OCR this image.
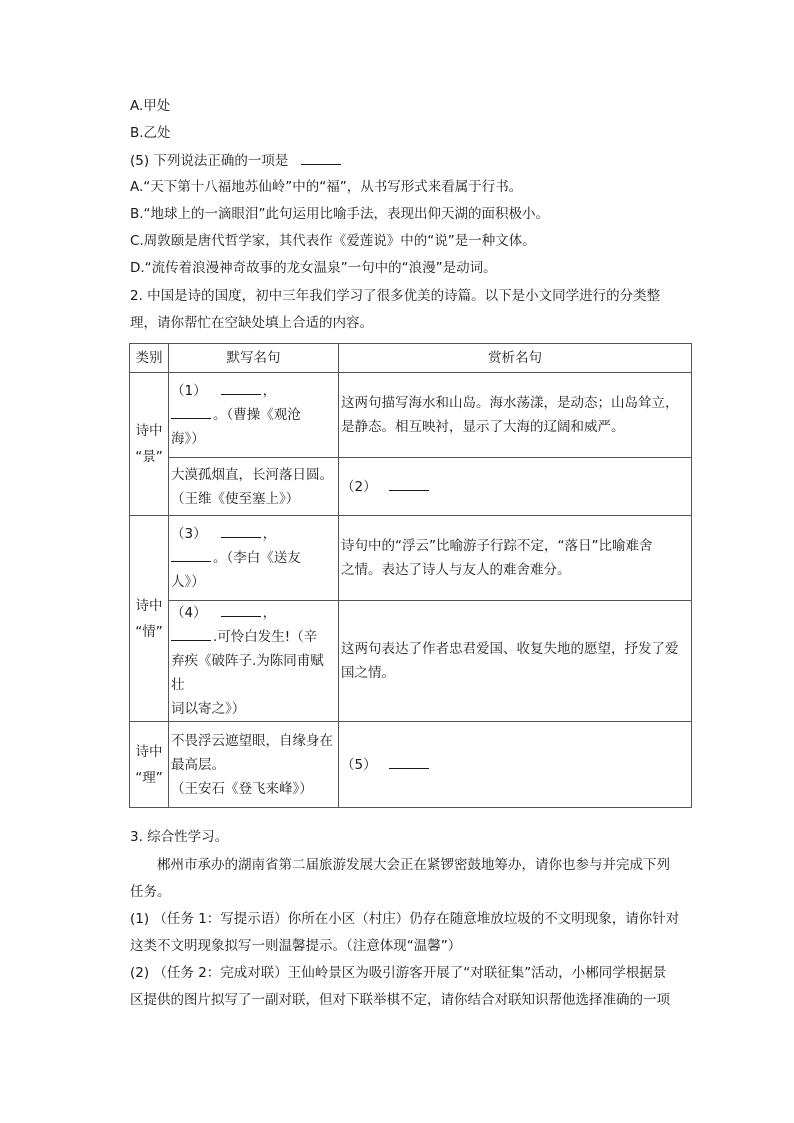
A.甲处
B.乙处
(5) 下列说法正确的一项是
A.“天下第十八福地苏仙岭”中的“福”，从书写形式来看属于行书。
B.“地球上的一滴眼泪”此句运用比喻手法，表现出仰天湖的面积极小。
C.周敦颐是唐代哲学家，其代表作《爱莲说》中的“说”是一种文体。
D.“流传着浪漫神奇故事的龙女温泉”一句中的“浪漫”是动词。
2. 中国是诗的国度，初中三年我们学习了很多优美的诗篇。以下是小文同学进行的分类整
理，请你帮忙在空缺处填上合适的内容。
类别	默写名句	赏析名句

诗中
“景”	（1） ，
。（曹操《观沧
海》）	这两句描写海水和山岛。海水荡漾，是动态；山岛耸立，
是静态。相互映衬，显示了大海的辽阔和威严。

	大漠孤烟直，长河落日圆。
（王维《使至塞上》）	（2）

诗中
“情”	（3） ，
。（李白《送友
人》）	诗句中的“浮云”比喻游子行踪不定，“落日”比喻难舍
之情。表达了诗人与友人的难舍难分。

	（4） ，
.可怜白发生!（辛
弃疾《破阵子.为陈同甫赋壮
词以寄之》）	这两句表达了作者忠君爱国、收复失地的愿望，抒发了爱
国之情。

诗中
“理”	不畏浮云遮望眼，自缘身在
最高层。
（王安石《登飞来峰》）	（5）
3. 综合性学习。
郴州市承办的湖南省第二届旅游发展大会正在紧锣密鼓地筹办，请你也参与并完成下列
任务。
(1) （任务 1：写提示语）你所在小区（村庄）仍存在随意堆放垃圾的不文明现象，请你针对
这类不文明现象拟写一则温馨提示。（注意体现“温馨”）
(2) （任务 2：完成对联）王仙岭景区为吸引游客开展了“对联征集”活动，小郴同学根据景
区提供的图片拟写了一副对联，但对下联举棋不定，请你结合对联知识帮他选择准确的一项
